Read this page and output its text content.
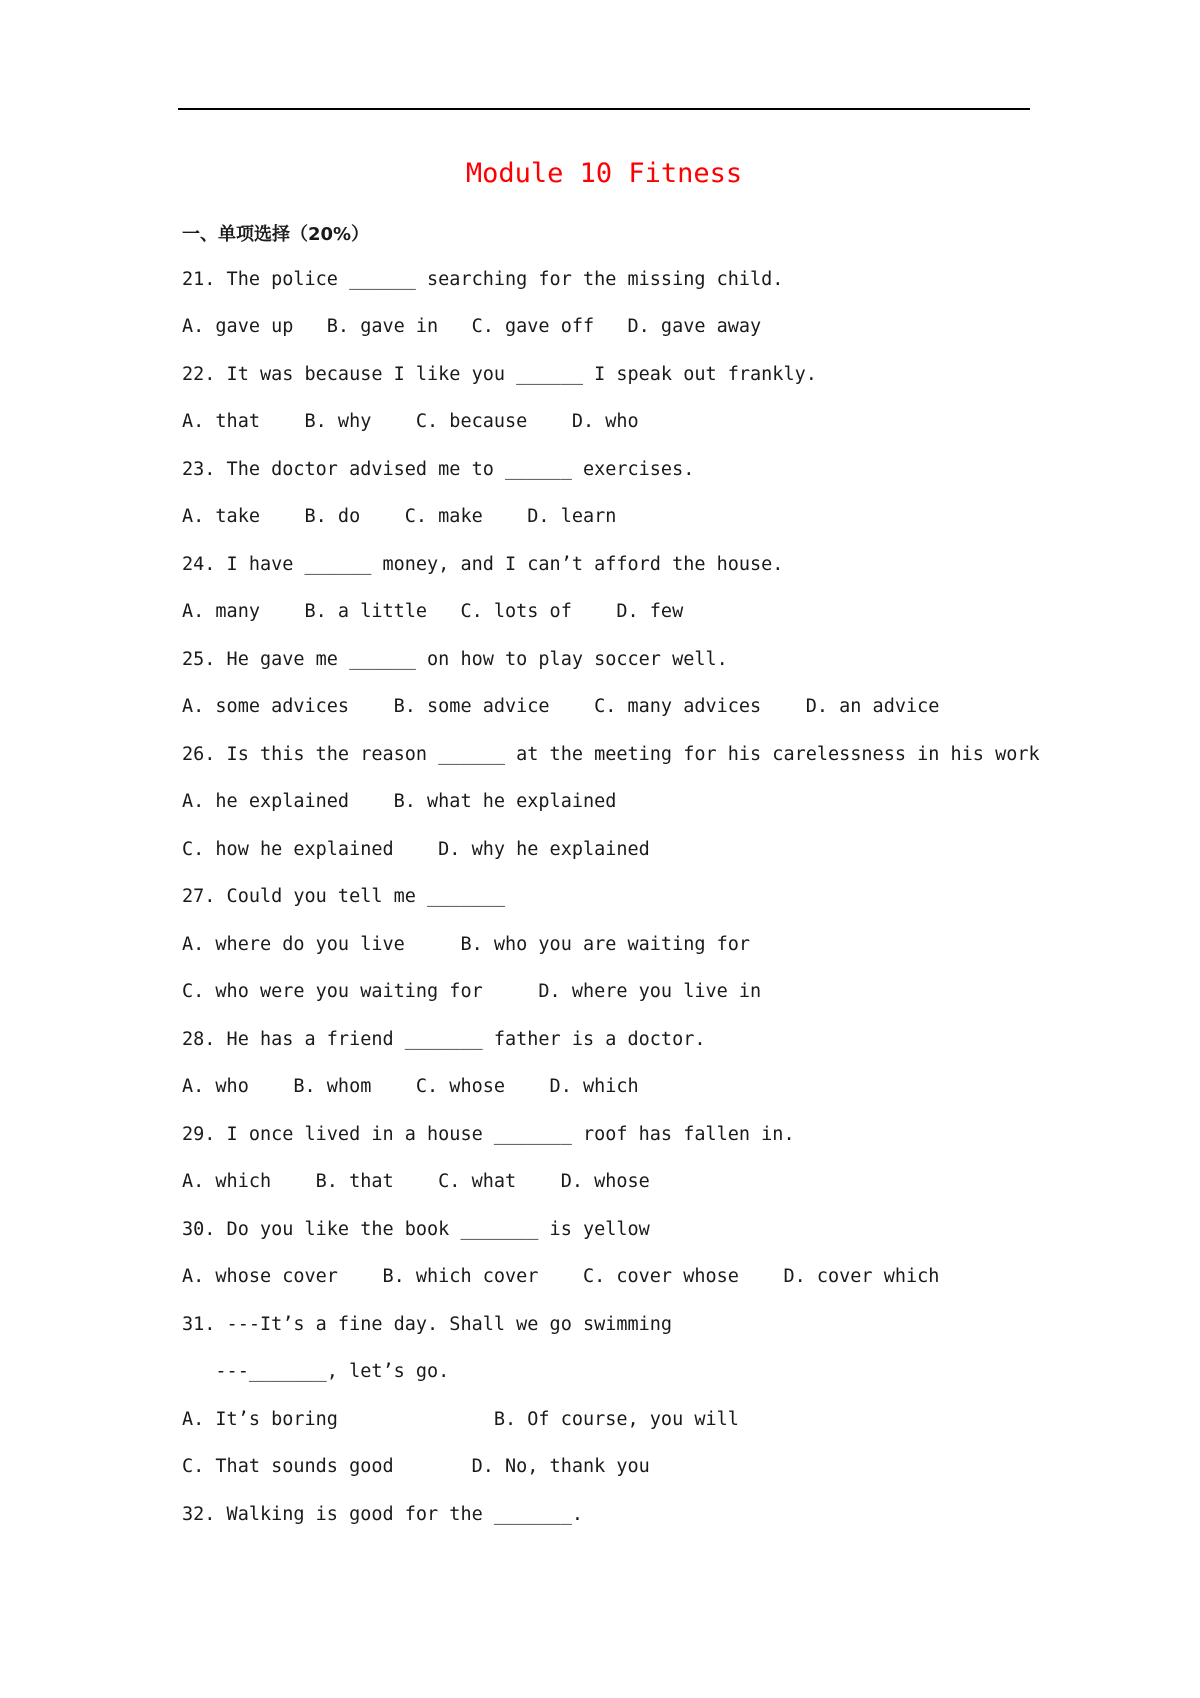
Module 10 Fitness
一、单项选择（20%）
21. The police ______ searching for the missing child.
A. gave up   B. gave in   C. gave off   D. gave away
22. It was because I like you ______ I speak out frankly.
A. that    B. why    C. because    D. who
23. The doctor advised me to ______ exercises.
A. take    B. do    C. make    D. learn
24. I have ______ money, and I can’t afford the house.
A. many    B. a little   C. lots of    D. few
25. He gave me ______ on how to play soccer well.
A. some advices    B. some advice    C. many advices    D. an advice
26. Is this the reason ______ at the meeting for his carelessness in his work
A. he explained    B. what he explained
C. how he explained    D. why he explained
27. Could you tell me _______
A. where do you live     B. who you are waiting for
C. who were you waiting for     D. where you live in
28. He has a friend _______ father is a doctor.
A. who    B. whom    C. whose    D. which
29. I once lived in a house _______ roof has fallen in.
A. which    B. that    C. what    D. whose
30. Do you like the book _______ is yellow
A. whose cover    B. which cover    C. cover whose    D. cover which
31. ---It’s a fine day. Shall we go swimming
---_______, let’s go.
A. It’s boring              B. Of course, you will
C. That sounds good       D. No, thank you
32. Walking is good for the _______.
